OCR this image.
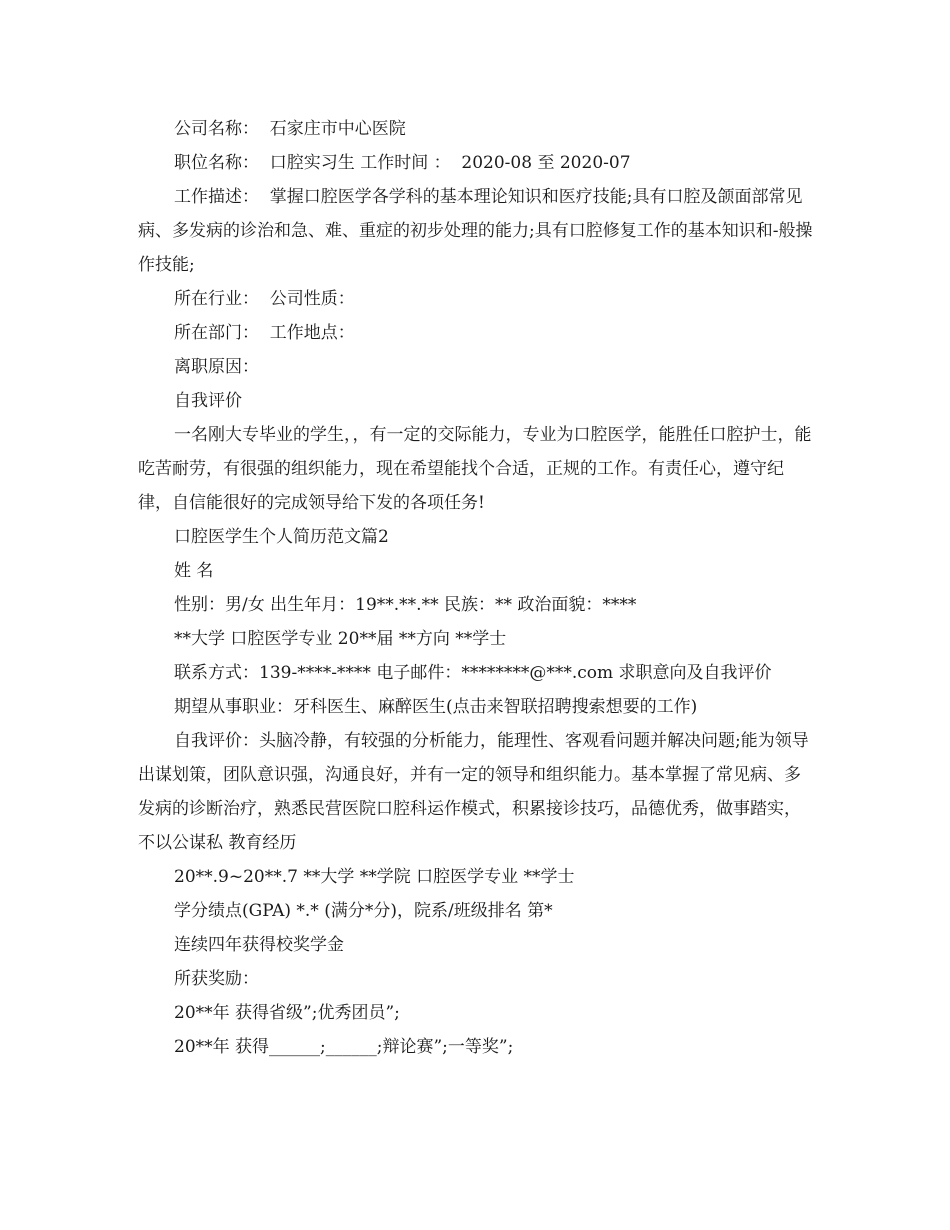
公司名称：  石家庄市中心医院

职位名称：  口腔实习生 工作时间 ：  2020-08 至 2020-07

工作描述：  掌握口腔医学各学科的基本理论知识和医疗技能;具有口腔及颌面部常见病、多发病的诊治和急、难、重症的初步处理的能力;具有口腔修复工作的基本知识和-般操作技能;

所在行业：  公司性质：

所在部门：  工作地点：

离职原因：

自我评价

一名刚大专毕业的学生，，有一定的交际能力，专业为口腔医学，能胜任口腔护士，能吃苦耐劳，有很强的组织能力，现在希望能找个合适，正规的工作。有责任心，遵守纪律，自信能很好的完成领导给下发的各项任务!

口腔医学生个人简历范文篇2

姓 名

性别：男/女 出生年月：19**.**.** 民族：** 政治面貌：****

**大学 口腔医学专业 20**届 **方向 **学士

联系方式：139-****-**** 电子邮件：********@***.com 求职意向及自我评价

期望从事职业：牙科医生、麻醉医生(点击来智联招聘搜索想要的工作)

自我评价：头脑冷静，有较强的分析能力，能理性、客观看问题并解决问题;能为领导出谋划策，团队意识强，沟通良好，并有一定的领导和组织能力。基本掌握了常见病、多发病的诊断治疗，熟悉民营医院口腔科运作模式，积累接诊技巧，品德优秀，做事踏实，不以公谋私 教育经历

20**.9~20**.7 **大学 **学院 口腔医学专业 **学士

学分绩点(GPA) *.* (满分*分)，院系/班级排名 第*

连续四年获得校奖学金

所获奖励：

20**年 获得省级”;优秀团员”;

20**年 获得______;______;辩论赛”;一等奖”;
